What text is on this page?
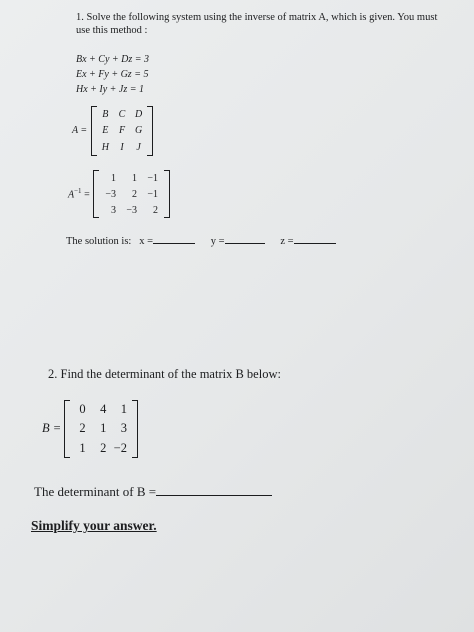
1. Solve the following system using the inverse of matrix A, which is given. You must
use this method :
Bx + Cy + Dz = 3
Ex + Fy + Gz = 5
Hx + Iy + Jz = 1
A =
B C D
E F G
H I J
$A^{-1}$ =
1	1	−1
−3	2	−1
3	−3	2
The solution is: x =	y =	z =
2. Find the determinant of the matrix B below:
B =
0	4	1
2	1	3
1	2 −2
The determinant of B =
Simplify your answer.
